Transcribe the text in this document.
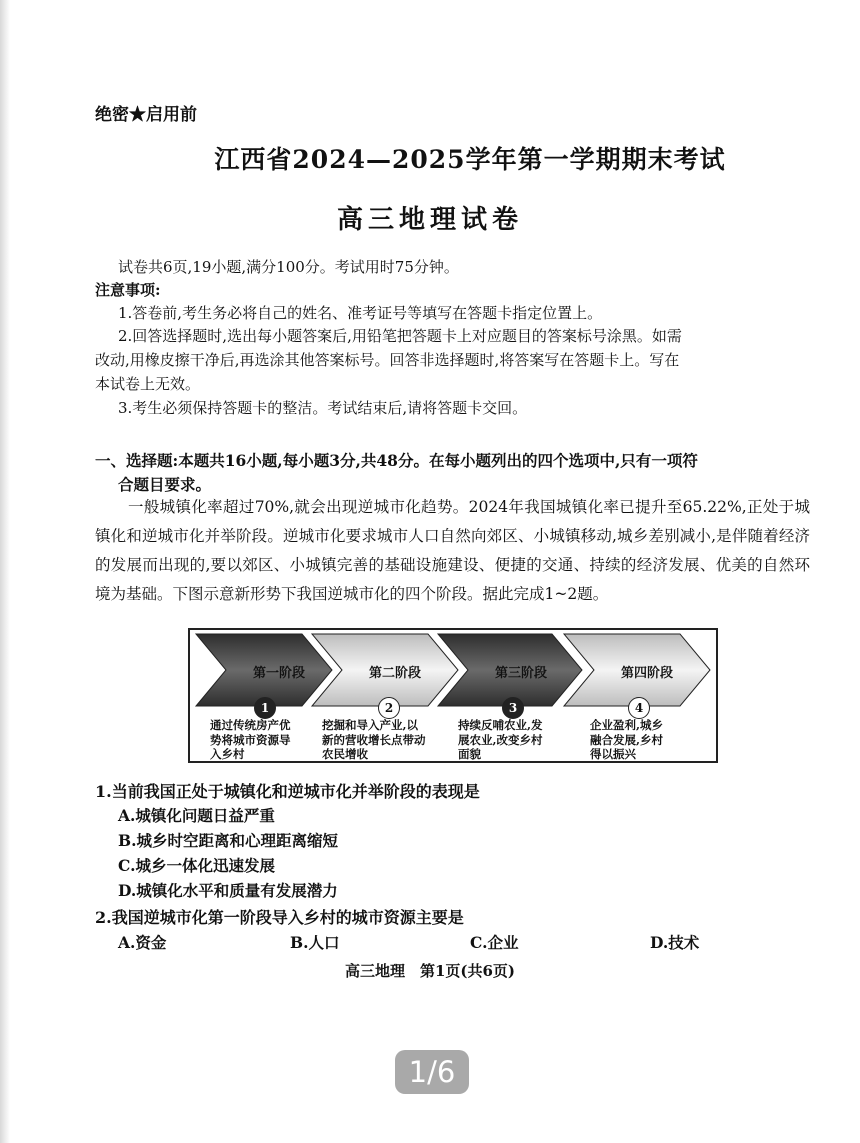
绝密★启用前
江西省2024—2025学年第一学期期末考试
高三地理试卷
试卷共6页,19小题,满分100分。考试用时75分钟。
注意事项:
1.答卷前,考生务必将自己的姓名、准考证号等填写在答题卡指定位置上。
2.回答选择题时,选出每小题答案后,用铅笔把答题卡上对应题目的答案标号涂黑。如需
改动,用橡皮擦干净后,再选涂其他答案标号。回答非选择题时,将答案写在答题卡上。写在
本试卷上无效。
3.考生必须保持答题卡的整洁。考试结束后,请将答题卡交回。
一、选择题:本题共16小题,每小题3分,共48分。在每小题列出的四个选项中,只有一项符
合题目要求。
一般城镇化率超过70%,就会出现逆城市化趋势。2024年我国城镇化率已提升至65.22%,正处于城镇化和逆城市化并举阶段。逆城市化要求城市人口自然向郊区、小城镇移动,城乡差别减小,是伴随着经济的发展而出现的,要以郊区、小城镇完善的基础设施建设、便捷的交通、持续的经济发展、优美的自然环境为基础。下图示意新形势下我国逆城市化的四个阶段。据此完成1~2题。
第一阶段	第二阶段	第三阶段	第四阶段
1	2	3	4
通过传统房产优
势将城市资源导
入乡村
挖掘和导入产业,以
新的营收增长点带动
农民增收
持续反哺农业,发
展农业,改变乡村
面貌
企业盈利,城乡
融合发展,乡村
得以振兴
1.当前我国正处于城镇化和逆城市化并举阶段的表现是
A.城镇化问题日益严重
B.城乡时空距离和心理距离缩短
C.城乡一体化迅速发展
D.城镇化水平和质量有发展潜力
2.我国逆城市化第一阶段导入乡村的城市资源主要是
A.资金	B.人口	C.企业	D.技术
高三地理　第1页(共6页)
1/6
